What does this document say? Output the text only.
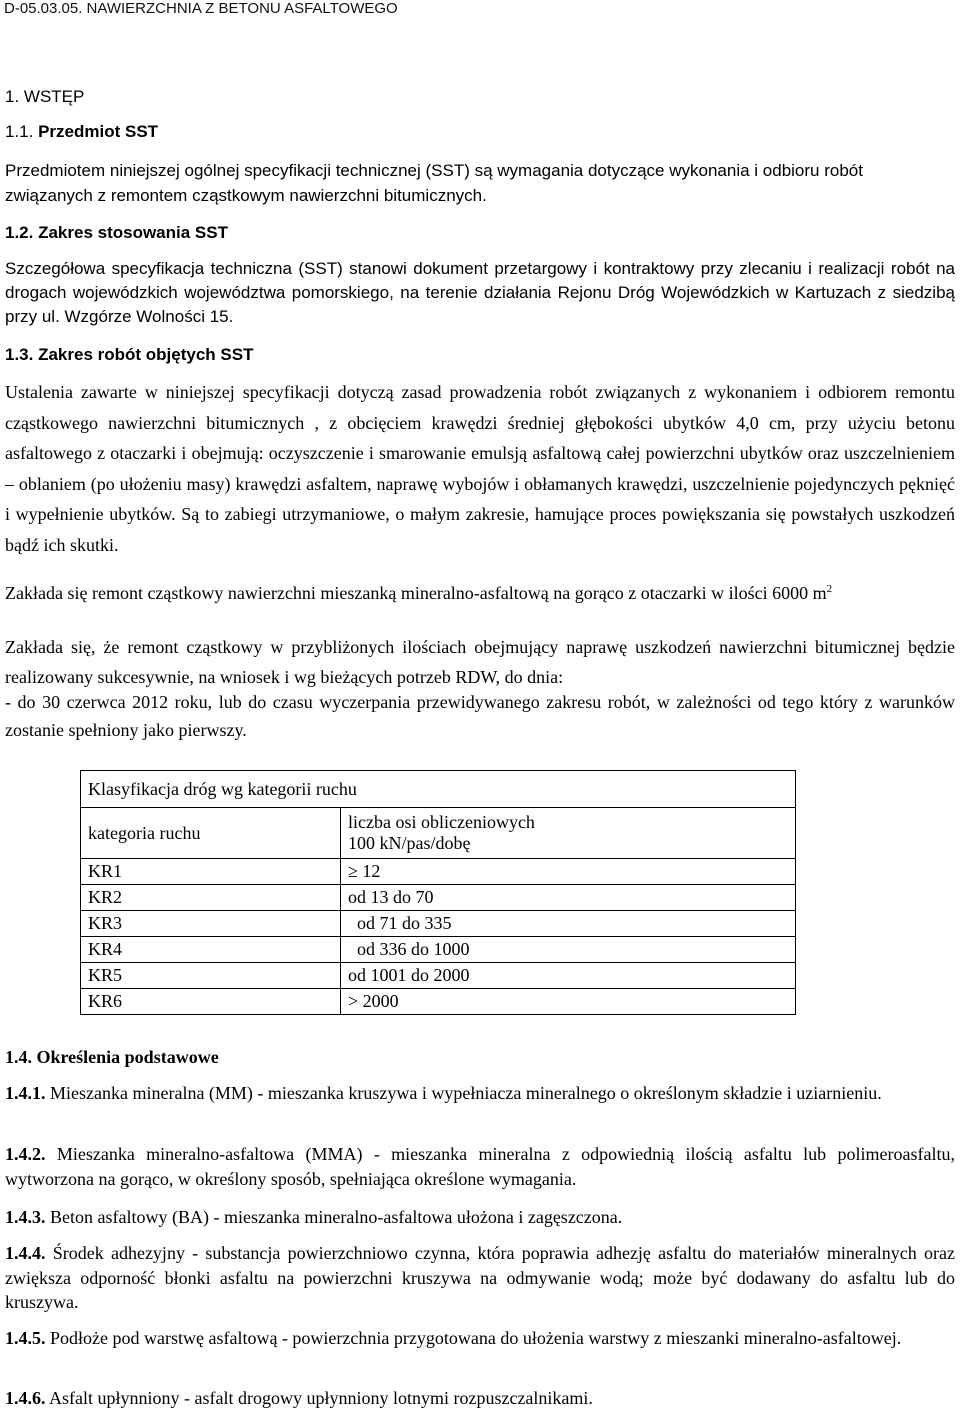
D-05.03.05. NAWIERZCHNIA Z BETONU ASFALTOWEGO
1. WSTĘP
1.1. Przedmiot SST

Przedmiotem niniejszej ogólnej specyfikacji technicznej (SST) są wymagania dotyczące wykonania i odbioru robót związanych z remontem cząstkowym nawierzchni bitumicznych.

1.2. Zakres stosowania SST

Szczegółowa specyfikacja techniczna (SST) stanowi dokument przetargowy i kontraktowy przy zlecaniu i realizacji robót na drogach wojewódzkich województwa pomorskiego, na terenie działania Rejonu Dróg Wojewódzkich w Kartuzach z siedzibą przy ul. Wzgórze Wolności 15.

1.3. Zakres robót objętych SST

Ustalenia zawarte w niniejszej specyfikacji dotyczą zasad prowadzenia robót związanych z wykonaniem i odbiorem remontu cząstkowego nawierzchni bitumicznych , z obcięciem krawędzi średniej głębokości ubytków 4,0 cm, przy użyciu betonu asfaltowego z otaczarki i obejmują: oczyszczenie i smarowanie emulsją asfaltową całej powierzchni ubytków oraz uszczelnieniem – oblaniem (po ułożeniu masy) krawędzi asfaltem, naprawę wybojów i obłamanych krawędzi, uszczelnienie pojedynczych pęknięć i wypełnienie ubytków. Są to zabiegi utrzymaniowe, o małym zakresie, hamujące proces powiększania się powstałych uszkodzeń bądź ich skutki.

Zakłada się remont cząstkowy nawierzchni mieszanką mineralno-asfaltową na gorąco z otaczarki w ilości 6000 $m^2$

Zakłada się, że remont cząstkowy w przybliżonych ilościach obejmujący naprawę uszkodzeń nawierzchni bitumicznej będzie realizowany sukcesywnie, na wniosek i wg bieżących potrzeb RDW, do dnia:

- do 30 czerwca 2012 roku, lub do czasu wyczerpania przewidywanego zakresu robót, w zależności od tego który z warunków zostanie spełniony jako pierwszy.

Klasyfikacja dróg wg kategorii ruchu	
kategoria ruchu	liczba osi obliczeniowych
100 kN/pas/dobę

KR1	≥ 12
KR2	od 13 do 70
KR3	od 71 do 335
KR4	od 336 do 1000
KR5	od 1001 do 2000
KR6	> 2000

1.4. Określenia podstawowe

1.4.1. Mieszanka mineralna (MM) - mieszanka kruszywa i wypełniacza mineralnego o określonym składzie i uziarnieniu.

1.4.2. Mieszanka mineralno-asfaltowa (MMA) - mieszanka mineralna z odpowiednią ilością asfaltu lub polimeroasfaltu, wytworzona na gorąco, w określony sposób, spełniająca określone wymagania.

1.4.3. Beton asfaltowy (BA) - mieszanka mineralno-asfaltowa ułożona i zagęszczona.

1.4.4. Środek adhezyjny - substancja powierzchniowo czynna, która poprawia adhezję asfaltu do materiałów mineralnych oraz zwiększa odporność błonki asfaltu na powierzchni kruszywa na odmywanie wodą; może być dodawany do asfaltu lub do kruszywa.

1.4.5. Podłoże pod warstwę asfaltową - powierzchnia przygotowana do ułożenia warstwy z mieszanki mineralno-asfaltowej.

1.4.6. Asfalt upłynniony - asfalt drogowy upłynniony lotnymi rozpuszczalnikami.
